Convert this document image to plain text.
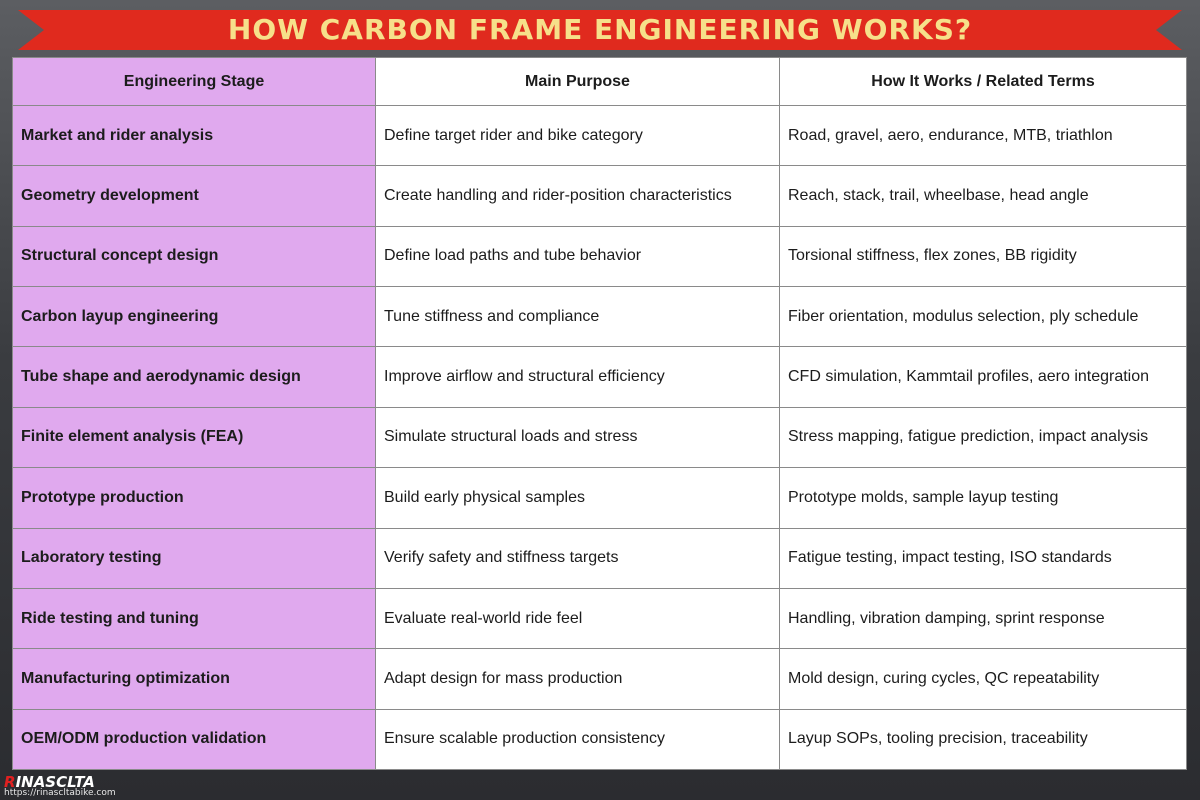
HOW CARBON FRAME ENGINEERING WORKS?
Engineering Stage	Main Purpose	How It Works / Related Terms
Market and rider analysis	Define target rider and bike category	Road, gravel, aero, endurance, MTB, triathlon
Geometry development	Create handling and rider-position characteristics	Reach, stack, trail, wheelbase, head angle
Structural concept design	Define load paths and tube behavior	Torsional stiffness, flex zones, BB rigidity
Carbon layup engineering	Tune stiffness and compliance	Fiber orientation, modulus selection, ply schedule
Tube shape and aerodynamic design	Improve airflow and structural efficiency	CFD simulation, Kammtail profiles, aero integration
Finite element analysis (FEA)	Simulate structural loads and stress	Stress mapping, fatigue prediction, impact analysis
Prototype production	Build early physical samples	Prototype molds, sample layup testing
Laboratory testing	Verify safety and stiffness targets	Fatigue testing, impact testing, ISO standards
Ride testing and tuning	Evaluate real-world ride feel	Handling, vibration damping, sprint response
Manufacturing optimization	Adapt design for mass production	Mold design, curing cycles, QC repeatability
OEM/ODM production validation	Ensure scalable production consistency	Layup SOPs, tooling precision, traceability
RINASCLTA
https://rinascltabike.com
